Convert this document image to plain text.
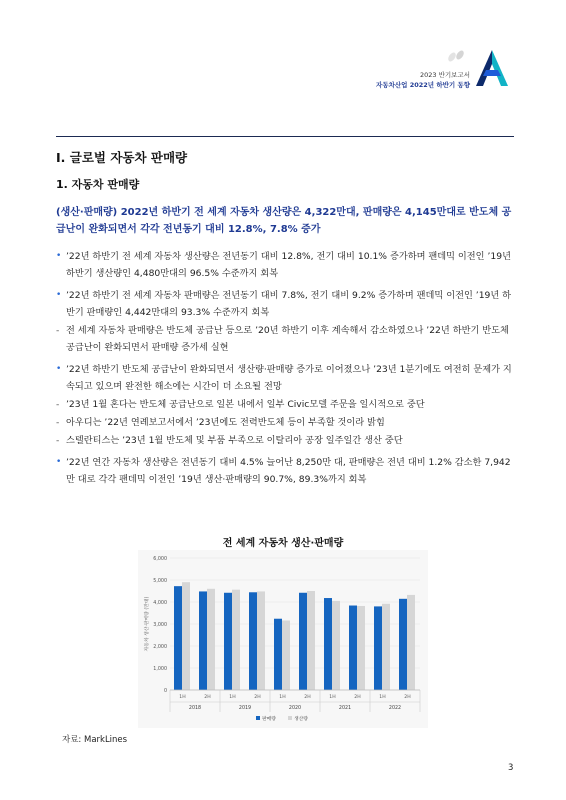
2023 반기보고서
자동차산업 2022년 하반기 동향
I. 글로벌 자동차 판매량
1. 자동차 판매량
(생산·판매량) 2022년 하반기 전 세계 자동차 생산량은 4,322만대, 판매량은 4,145만대로 반도체 공급난이 완화되면서 각각 전년동기 대비 12.8%, 7.8% 증가
• ’22년 하반기 전 세계 자동차 생산량은 전년동기 대비 12.8%, 전기 대비 10.1% 증가하며 팬데믹 이전인 ’19년 하반기 생산량인 4,480만대의 96.5% 수준까지 회복
• ’22년 하반기 전 세계 자동차 판매량은 전년동기 대비 7.8%, 전기 대비 9.2% 증가하며 팬데믹 이전인 ’19년 하반기 판매량인 4,442만대의 93.3% 수준까지 회복
- 전 세계 자동차 판매량은 반도체 공급난 등으로 ’20년 하반기 이후 계속해서 감소하였으나 ’22년 하반기 반도체 공급난이 완화되면서 판매량 증가세 실현
• ’22년 하반기 반도체 공급난이 완화되면서 생산량·판매량 증가로 이어졌으나 ’23년 1분기에도 여전히 문제가 지속되고 있으며 완전한 해소에는 시간이 더 소요될 전망
- ’23년 1월 혼다는 반도체 공급난으로 일본 내에서 일부 Civic모델 주문을 일시적으로 중단
- 아우디는 ’22년 연례보고서에서 ’23년에도 전력반도체 등이 부족할 것이라 밝힘
- 스텔란티스는 ’23년 1월 반도체 및 부품 부족으로 이탈리아 공장 일주일간 생산 중단
• ’22년 연간 자동차 생산량은 전년동기 대비 4.5% 늘어난 8,250만 대, 판매량은 전년 대비 1.2% 감소한 7,942만 대로 각각 팬데믹 이전인 ’19년 생산·판매량의 90.7%, 89.3%까지 회복
전 세계 자동차 생산·판매량
0
1,000
2,000
3,000
4,000
5,000
6,000
자동차 생산·판매량 (만대)
1H	2H	1H	2H	1H	2H	1H	2H	1H	2H
2018	2019	2020	2021	2022
판매량	생산량
자료: MarkLines
3
